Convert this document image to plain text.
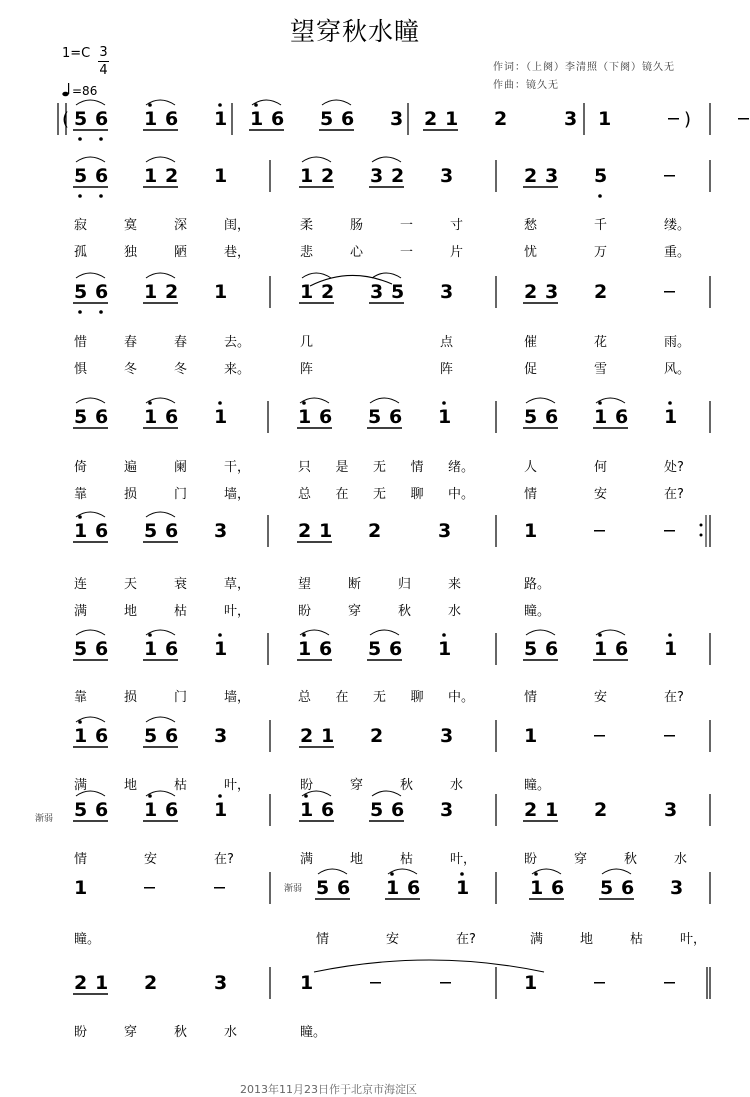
望穿秋水瞳
1=C 3
4
=86
作词：（上阕）李清照（下阕）镜久无
作曲：镜久无
渐弱
渐弱
(	)
5 6 1 6 1 1 6 5 6 3 2 1 2	3 1
5 6 1 2 1	1 2 3 2 3	2 3 5
5 6 1 2 1	1 2 3 5 3	2 3 2
5 6 1 6 1	1 6 5 6 1	5 6 1 6 1
1 6 5 6 3	2 1 2	3	1
5 6 1 6 1	1 6 5 6 1	5 6 1 6 1
1 6 5 6 3	2 1 2	3	1
5 6 1 6 1	1 6 5 6 3	2 1 2	3
1	5 6 1 6 1	1 6 5 6 3
2 1 2	3	1	1
寂	寞	深	闺，	柔	肠	一	寸	愁	千	缕。
孤	独	陋	巷，	悲	心	一	片	忧	万	重。
惜	春	春	去。	几	点	催	花	雨。
惧	冬	冬	来。	阵	阵	促	雪	风。
倚	遍	阑	干，	只 是 无 情 绪。	人	何	处?
靠	损	门	墙，	总 在 无 聊 中。	情	安	在?
连	天	衰	草，	望	断	归	来	路。
满	地	枯	叶，	盼	穿	秋	水	瞳。
靠	损	门	墙，	总 在 无 聊 中。	情	安	在?
满	地	枯	叶，	盼	穿	秋	水	瞳。
情	安	在?	满	地	枯	叶，	盼	穿	秋	水
瞳。	情	安	在?	满	地	枯	叶，
盼	穿	秋	水	瞳。
2013年11月23日作于北京市海淀区
